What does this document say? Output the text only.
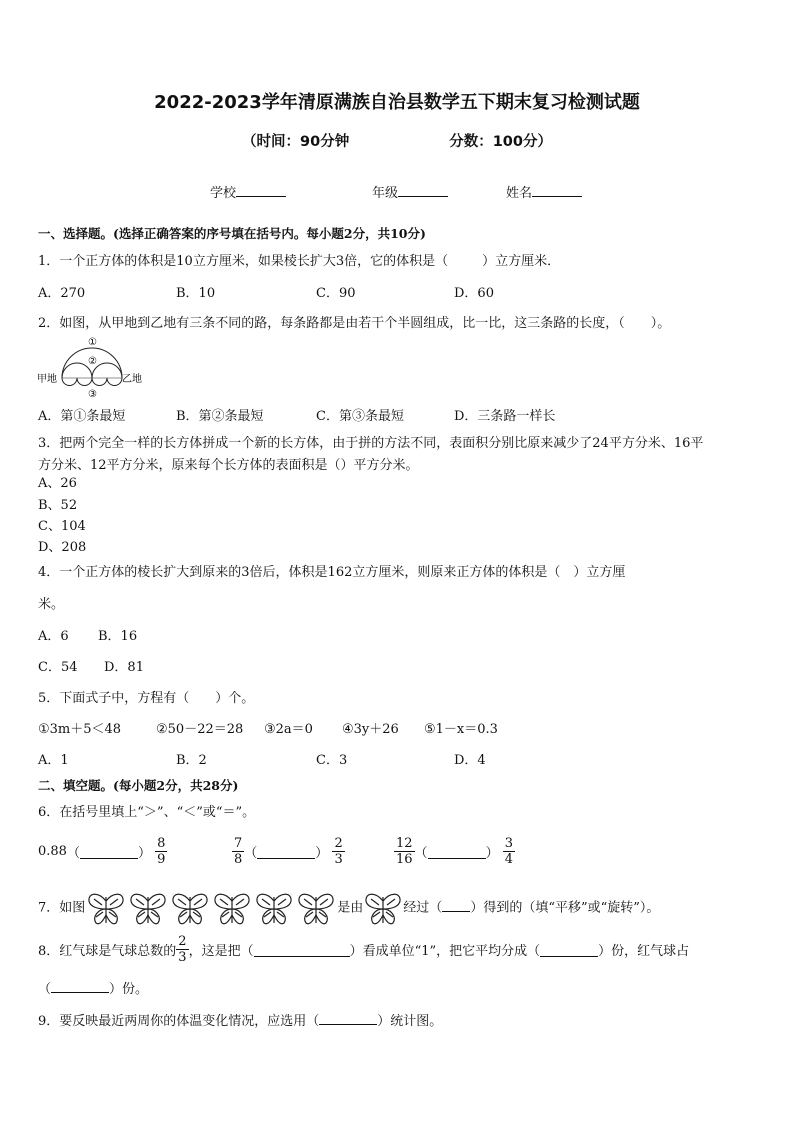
2022-2023学年清原满族自治县数学五下期末复习检测试题
（时间：90分钟	分数：100分）
学校	年级	姓名
一、选择题。(选择正确答案的序号填在括号内。每小题2分，共10分)
1．一个正方体的体积是10立方厘米，如果棱长扩大3倍，它的体积是（	）立方厘米．
A．270	B．10	C．90	D．60
2．如图，从甲地到乙地有三条不同的路，每条路都是由若干个半圆组成，比一比，这三条路的长度，（　　）。
甲地	乙地
①
②
③
A．第①条最短	B．第②条最短	C．第③条最短	D．三条路一样长
3．把两个完全一样的长方体拼成一个新的长方体，由于拼的方法不同，表面积分别比原来减少了24平方分米、16平
方分米、12平方分米，原来每个长方体的表面积是（）平方分米。
A、26
B、52
C、104
D、208
4．一个正方体的棱长扩大到原来的3倍后，体积是162立方厘米，则原来正方体的体积是（　）立方厘
米。
A．6 B．16
C．54 D．81
5．下面式子中，方程有（　　）个。
①3m＋5＜48	②50－22＝28 ③2a＝0 ④3y＋26 ⑤1－x＝0.3
A．1	B．2	C．3	D．4
二、填空题。(每小题2分，共28分)
6．在括号里填上“＞”、“＜”或“＝”。
0.88（	） $\frac{8}{9}$	$\frac{7}{8}$ （	） $\frac{2}{3}$	$\frac{12}{16}$ （	） $\frac{3}{4}$
7．如图	是由	经过（ ）得到的（填“平移”或“旋转”）。
8．红气球是气球总数的 $\frac{2}{3}$ ，这是把（	）看成单位“1”，把它平均分成（	）份，红气球占
（	）份。
9．要反映最近两周你的体温变化情况，应选用（	）统计图。
